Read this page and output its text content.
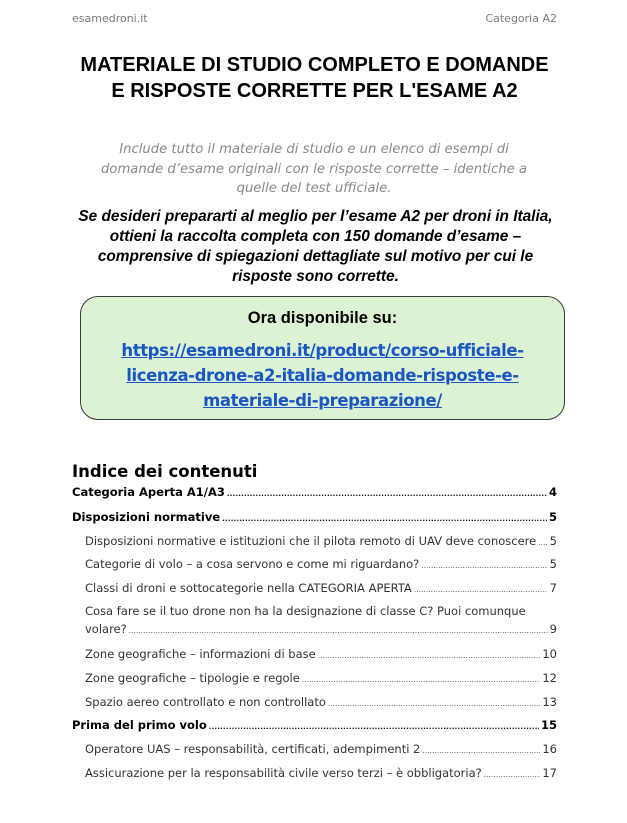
esamedroni.it	Categoria A2
MATERIALE DI STUDIO COMPLETO E DOMANDE E RISPOSTE CORRETTE PER L'ESAME A2
Include tutto il materiale di studio e un elenco di esempi di domande d’esame originali con le risposte corrette – identiche a quelle del test ufficiale.
Se desideri prepararti al meglio per l’esame A2 per droni in Italia, ottieni la raccolta completa con 150 domande d’esame – comprensive di spiegazioni dettagliate sul motivo per cui le risposte sono corrette.
Ora disponibile su:
https://esamedroni.it/product/corso-ufficiale-licenza-drone-a2-italia-domande-risposte-e-materiale-di-preparazione/
Indice dei contenuti
Categoria Aperta A1/A3 .....	4
Disposizioni normative .....	5
Disposizioni normative e istituzioni che il pilota remoto di UAV deve conoscere ..... 5
Categorie di volo – a cosa servono e come mi riguardano? .....	5
Classi di droni e sottocategorie nella CATEGORIA APERTA .....	7
Cosa fare se il tuo drone non ha la designazione di classe C? Puoi comunque
volare? .....	9
Zone geografiche – informazioni di base .....	10
Zone geografiche – tipologie e regole .....	12
Spazio aereo controllato e non controllato .....	13
Prima del primo volo .....	15
Operatore UAS – responsabilità, certificati, adempimenti 2 .....	16
Assicurazione per la responsabilità civile verso terzi – è obbligatoria? .....	17
